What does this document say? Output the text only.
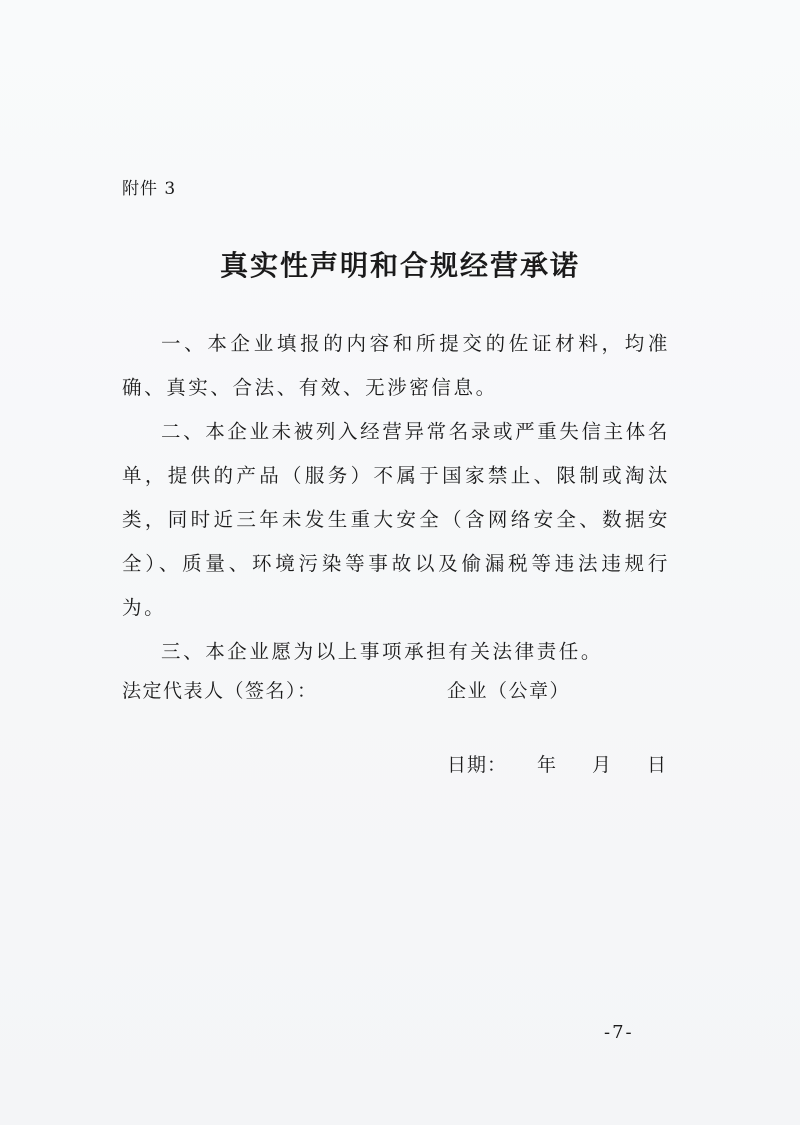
附件 3
真实性声明和合规经营承诺

一、本企业填报的内容和所提交的佐证材料，均准确、真实、合法、有效、无涉密信息。

二、本企业未被列入经营异常名录或严重失信主体名单，提供的产品（服务）不属于国家禁止、限制或淘汰类，同时近三年未发生重大安全（含网络安全、数据安全）、质量、环境污染等事故以及偷漏税等违法违规行为。

三、本企业愿为以上事项承担有关法律责任。

法定代表人（签名）：	企业（公章）
日期：	年	月	日
-7-
